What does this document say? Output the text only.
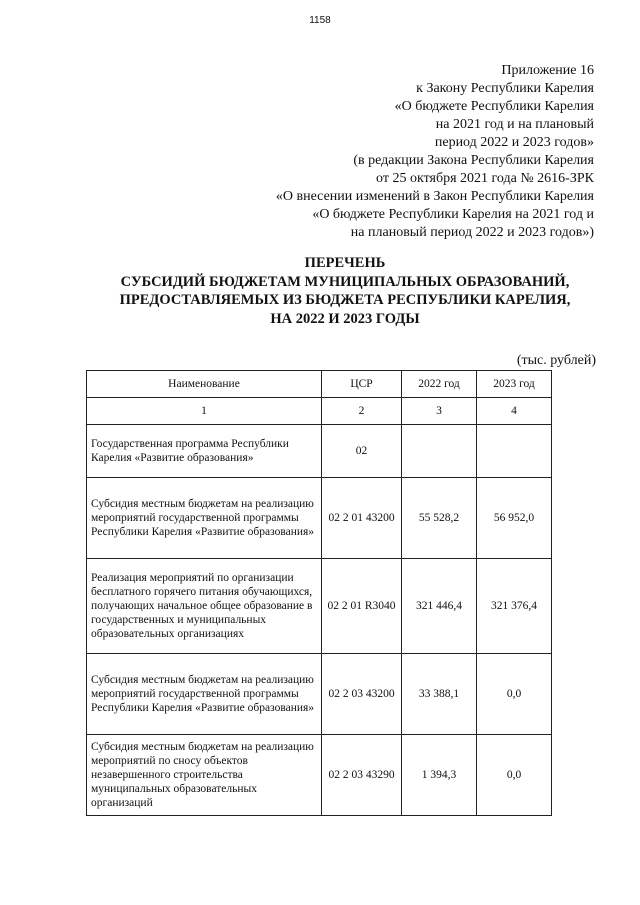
1158
Приложение 16
к Закону Республики Карелия
«О бюджете Республики Карелия
на 2021 год и на плановый
период 2022 и 2023 годов»
(в редакции Закона Республики Карелия
от 25 октября 2021 года № 2616-ЗРК
«О внесении изменений в Закон Республики Карелия
«О бюджете Республики Карелия на 2021 год и
на плановый период 2022 и 2023 годов»)
ПЕРЕЧЕНЬ
СУБСИДИЙ БЮДЖЕТАМ МУНИЦИПАЛЬНЫХ ОБРАЗОВАНИЙ,
ПРЕДОСТАВЛЯЕМЫХ ИЗ БЮДЖЕТА РЕСПУБЛИКИ КАРЕЛИЯ,
НА 2022 И 2023 ГОДЫ
(тыс. рублей)
Наименование	ЦСР	2022 год	2023 год
1	2	3	4
Государственная программа Республики Карелия «Развитие образования»	02		
Субсидия местным бюджетам на реализацию мероприятий государственной программы Республики Карелия «Развитие образования»	02 2 01 43200	55 528,2	56 952,0
Реализация мероприятий по организации бесплатного горячего питания обучающихся, получающих начальное общее образование в государственных и муниципальных образовательных организациях	02 2 01 R3040	321 446,4	321 376,4
Субсидия местным бюджетам на реализацию мероприятий государственной программы Республики Карелия «Развитие образования»	02 2 03 43200	33 388,1	0,0
Субсидия местным бюджетам на реализацию мероприятий по сносу объектов незавершенного строительства муниципальных образовательных организаций	02 2 03 43290	1 394,3	0,0
